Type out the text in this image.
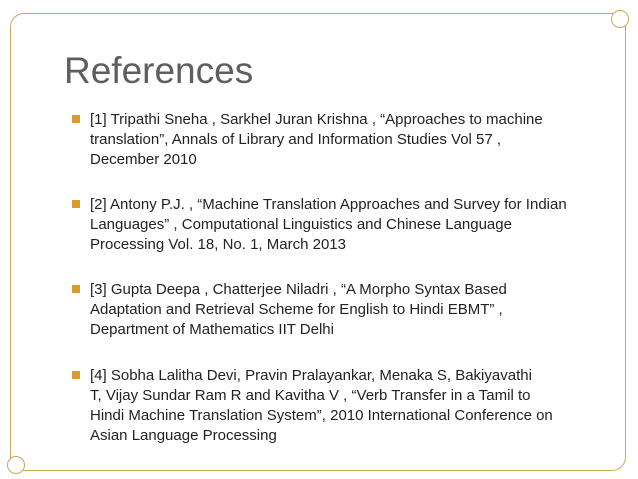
References
[1] Tripathi Sneha , Sarkhel Juran Krishna , “Approaches to machine
translation”, Annals of Library and Information Studies Vol 57 ,
December 2010
[2] Antony P.J. , “Machine Translation Approaches and Survey for Indian
Languages” , Computational Linguistics and Chinese Language
Processing Vol. 18, No. 1, March 2013
[3] Gupta Deepa , Chatterjee Niladri , “A Morpho Syntax Based
Adaptation and Retrieval Scheme for English to Hindi EBMT” ,
Department of Mathematics IIT Delhi
[4] Sobha Lalitha Devi, Pravin Pralayankar, Menaka S, Bakiyavathi
T, Vijay Sundar Ram R and Kavitha V , “Verb Transfer in a Tamil to
Hindi Machine Translation System”, 2010 International Conference on
Asian Language Processing
